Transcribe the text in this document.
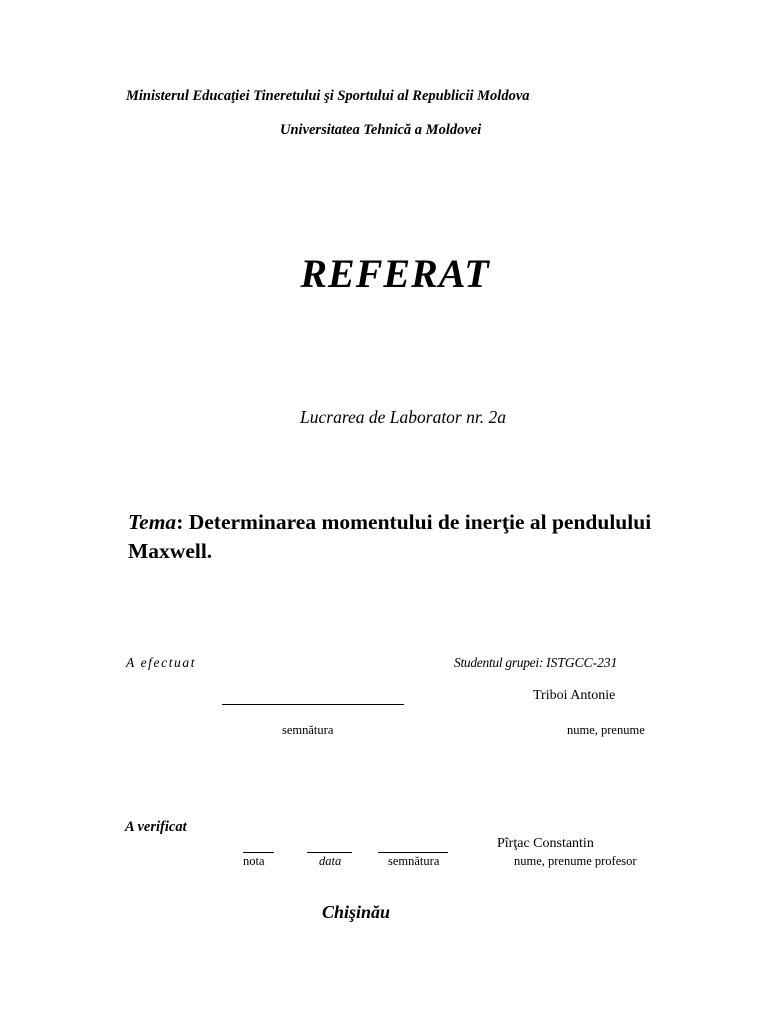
Ministerul Educaţiei Tineretului şi Sportului al Republicii Moldova
Universitatea Tehnică a Moldovei
REFERAT
Lucrarea de Laborator nr. 2a
Tema: Determinarea momentului de inerţie al pendulului Maxwell.
A efectuat	Studentul grupei: ISTGCC-231
Triboi Antonie
semnătura	nume, prenume
A verificat
Pîrţac Constantin
nota	data	semnătura	nume, prenume profesor
Chişinău
